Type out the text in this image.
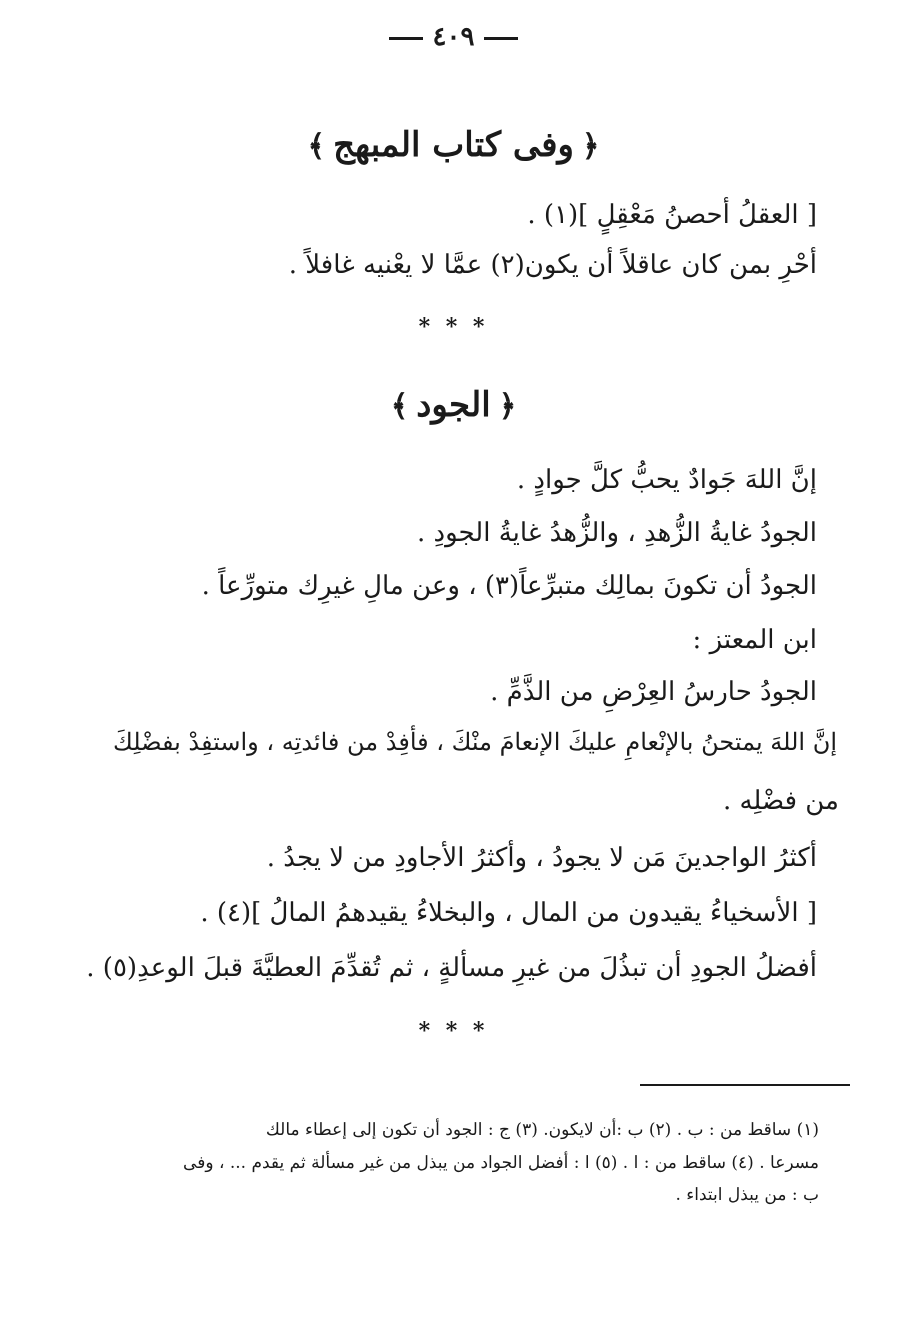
٤٠٩
﴿وفى كتاب المبهج﴾
[ العقلُ أحصنُ مَعْقِلٍ ](١) .
أحْرِ بمن كان عاقلاً أن يكون(٢) عمَّا لا يعْنيه غافلاً .
* * *
﴿الجود﴾
إنَّ اللهَ جَوادٌ يحبُّ كلَّ جوادٍ .
الجودُ غايةُ الزُّهدِ ، والزُّهدُ غايةُ الجودِ .
الجودُ أن تكونَ بمالِك متبرِّعاً(٣) ، وعن مالِ غيرِك متورِّعاً .
ابن المعتز :
الجودُ حارسُ العِرْضِ من الذَّمِّ .
إنَّ اللهَ يمتحنُ بالإنْعامِ عليكَ الإنعامَ منْكَ ، فأفِدْ من فائدتِه ، واستفِدْ بفضْلِكَ
من فضْلِه .
أكثرُ الواجدينَ مَن لا يجودُ ، وأكثرُ الأجاودِ من لا يجدُ .
[ الأسخياءُ يقيدون من المال ، والبخلاءُ يقيدهمُ المالُ ](٤) .
أفضلُ الجودِ أن تبذُلَ من غيرِ مسألةٍ ، ثم تُقدِّمَ العطيَّةَ قبلَ الوعدِ(٥) .
* * *
(١) ساقط من : ب . (٢) ب :أن لايكون. (٣) ج : الجود أن تكون إلى إعطاء مالك
مسرعا . (٤) ساقط من : ا . (٥) ا : أفضل الجواد من يبذل من غير مسألة ثم يقدم ... ، وفى
ب : من يبذل ابتداء .
